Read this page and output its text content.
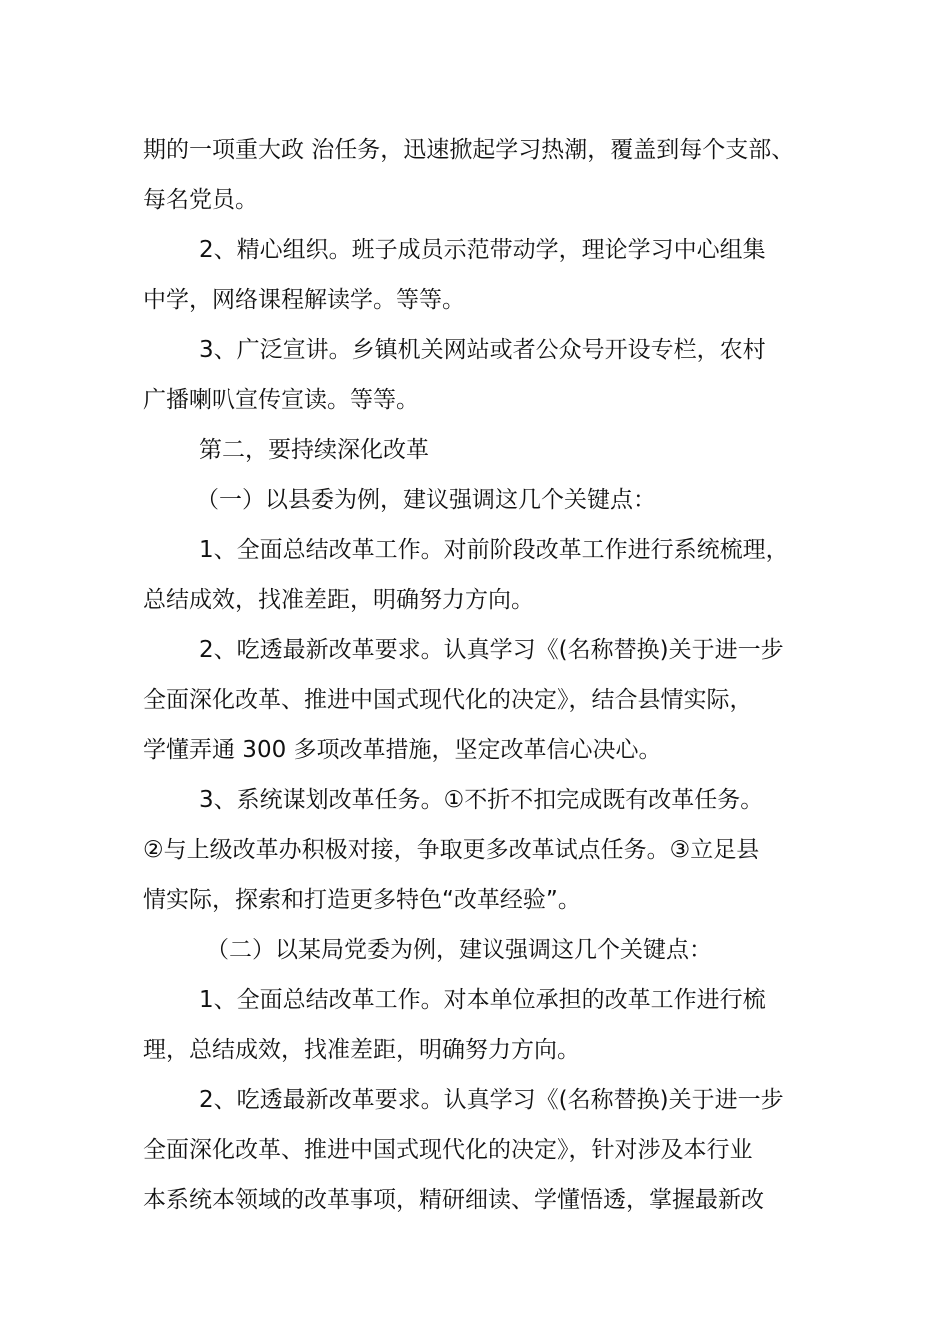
期的一项重大政 治任务，迅速掀起学习热潮，覆盖到每个支部、
每名党员。
2、精心组织。班子成员示范带动学，理论学习中心组集
中学，网络课程解读学。等等。
3、广泛宣讲。乡镇机关网站或者公众号开设专栏，农村
广播喇叭宣传宣读。等等。
第二，要持续深化改革
（一）以县委为例，建议强调这几个关键点：
1、全面总结改革工作。对前阶段改革工作进行系统梳理，
总结成效，找准差距，明确努力方向。
2、吃透最新改革要求。认真学习《(名称替换)关于进一步
全面深化改革、推进中国式现代化的决定》，结合县情实际，
学懂弄通 300 多项改革措施，坚定改革信心决心。
3、系统谋划改革任务。①不折不扣完成既有改革任务。
②与上级改革办积极对接，争取更多改革试点任务。③立足县
情实际，探索和打造更多特色“改革经验”。
（二）以某局党委为例，建议强调这几个关键点：
1、全面总结改革工作。对本单位承担的改革工作进行梳
理，总结成效，找准差距，明确努力方向。
2、吃透最新改革要求。认真学习《(名称替换)关于进一步
全面深化改革、推进中国式现代化的决定》，针对涉及本行业
本系统本领域的改革事项，精研细读、学懂悟透，掌握最新改
